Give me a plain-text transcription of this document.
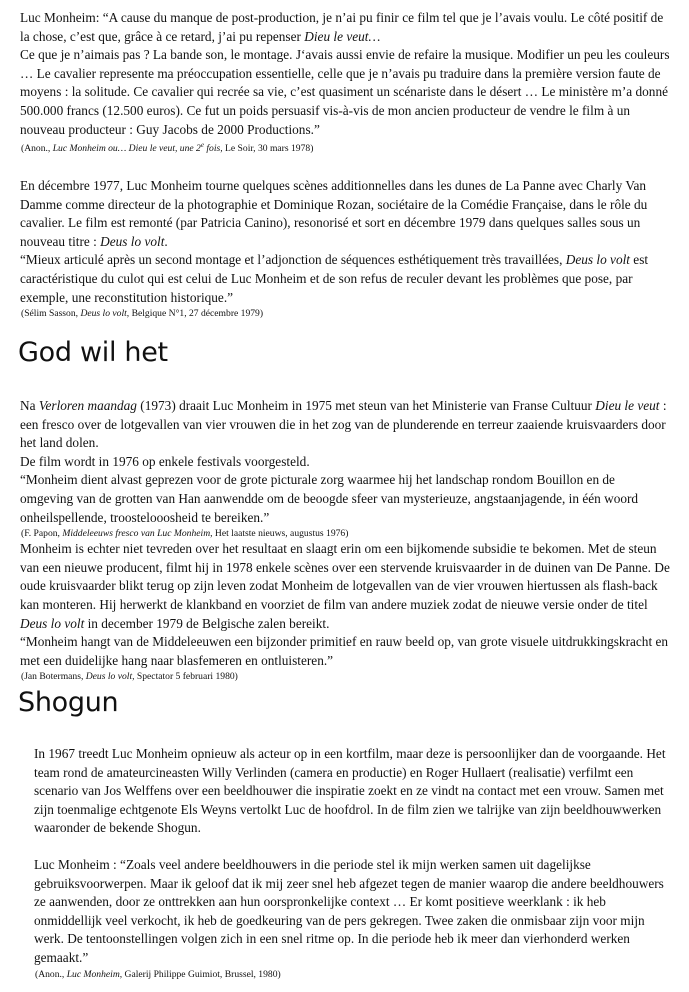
Luc Monheim: “A cause du manque de post-production, je n’ai pu finir ce film tel que je l’avais voulu. Le côté positif de la chose, c’est que, grâce à ce retard, j’ai pu repenser Dieu le veut…

Ce que je n’aimais pas ? La bande son, le montage. J‘avais aussi envie de refaire la musique. Modifier un peu les couleurs … Le cavalier represente ma préoccupation essentielle, celle que je n’avais pu traduire dans la première version faute de moyens : la solitude. Ce cavalier qui recrée sa vie, c’est quasiment un scénariste dans le désert … Le ministère m’a donné 500.000 francs (12.500 euros). Ce fut un poids persuasif vis-à-vis de mon ancien producteur de vendre le film à un nouveau producteur : Guy Jacobs de 2000 Productions.”

(Anon., Luc Monheim ou… Dieu le veut, une 2e fois, Le Soir, 30 mars 1978)

En décembre 1977, Luc Monheim tourne quelques scènes additionnelles dans les dunes de La Panne avec Charly Van Damme comme directeur de la photographie et Dominique Rozan, sociétaire de la Comédie Française, dans le rôle du cavalier. Le film est remonté (par Patricia Canino), resonorisé et sort en décembre 1979 dans quelques salles sous un nouveau titre : Deus lo volt.

“Mieux articulé après un second montage et l’adjonction de séquences esthétiquement très travaillées, Deus lo volt est caractéristique du culot qui est celui de Luc Monheim et de son refus de reculer devant les problèmes que pose, par exemple, une reconstitution historique.”

(Sélim Sasson, Deus lo volt, Belgique N°1, 27 décembre 1979)

God wil het

Na Verloren maandag (1973) draait Luc Monheim in 1975 met steun van het Ministerie van Franse Cultuur Dieu le veut : een fresco over de lotgevallen van vier vrouwen die in het zog van de plunderende en terreur zaaiende kruisvaarders door het land dolen.

De film wordt in 1976 op enkele festivals voorgesteld.

“Monheim dient alvast geprezen voor de grote picturale zorg waarmee hij het landschap rondom Bouillon en de omgeving van de grotten van Han aanwendde om de beoogde sfeer van mysterieuze, angstaanjagende, in één woord onheilspellende, troostelooosheid te bereiken.”

(F. Papon, Middeleeuws fresco van Luc Monheim, Het laatste nieuws, augustus 1976)

Monheim is echter niet tevreden over het resultaat en slaagt erin om een bijkomende subsidie te bekomen. Met de steun van een nieuwe producent, filmt hij in 1978 enkele scènes over een stervende kruisvaarder in de duinen van De Panne. De oude kruisvaarder blikt terug op zijn leven zodat Monheim de lotgevallen van de vier vrouwen hiertussen als flash-back kan monteren. Hij herwerkt de klankband en voorziet de film van andere muziek zodat de nieuwe versie onder de titel Deus lo volt in december 1979 de Belgische zalen bereikt.

“Monheim hangt van de Middeleeuwen een bijzonder primitief en rauw beeld op, van grote visuele uitdrukkingskracht en met een duidelijke hang naar blasfemeren en ontluisteren.”

(Jan Botermans, Deus lo volt, Spectator 5 februari 1980)

Shogun

In 1967 treedt Luc Monheim opnieuw als acteur op in een kortfilm, maar deze is persoonlijker dan de voorgaande. Het team rond de amateurcineasten Willy Verlinden (camera en productie) en Roger Hullaert (realisatie) verfilmt een scenario van Jos Welffens over een beeldhouwer die inspiratie zoekt en ze vindt na contact met een vrouw. Samen met zijn toenmalige echtgenote Els Weyns vertolkt Luc de hoofdrol. In de film zien we talrijke van zijn beeldhouwwerken waaronder de bekende Shogun.

Luc Monheim : “Zoals veel andere beeldhouwers in die periode stel ik mijn werken samen uit dagelijkse gebruiksvoorwerpen. Maar ik geloof dat ik mij zeer snel heb afgezet tegen de manier waarop die andere beeldhouwers ze aanwenden, door ze onttrekken aan hun oorspronkelijke context … Er komt positieve weerklank : ik heb onmiddellijk veel verkocht, ik heb de goedkeuring van de pers gekregen. Twee zaken die onmisbaar zijn voor mijn werk. De tentoonstellingen volgen zich in een snel ritme op. In die periode heb ik meer dan vierhonderd werken gemaakt.”

(Anon., Luc Monheim, Galerij Philippe Guimiot, Brussel, 1980)
